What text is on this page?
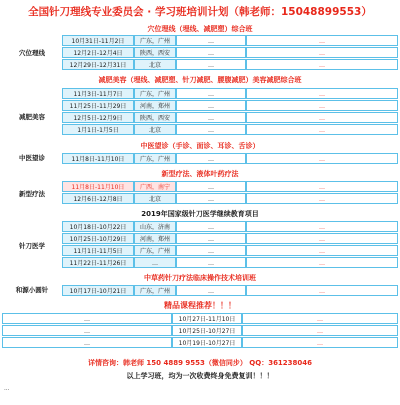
全国针刀理线专业委员会 · 学习班培训计划（韩老师：15048899553）
穴位理线（埋线、减肥塑）综合班
穴位理线
10月31日-11月2日	广东，广州	…	…
12月2日-12月4日	陕西，西安	…	…
12月29日-12月31日	北京	…	…
减肥美容（埋线、减肥塑、针刀减肥、腰腹减肥）美容减肥综合班
减肥美容
11月3日-11月7日	广东，广州	…	…
11月25日-11月29日	河南，郑州	…	…
12月5日-12月9日	陕西，西安	…	…
1月1日-1月5日	北京	…	…
中医望诊（手诊、面诊、耳诊、舌诊）
中医望诊	11月8日-11月10日	广东，广州	…	…
新型疗法、液体叶药疗法
新型疗法
11月8日-11月10日	广西，南宁	…	…
12月6日-12月8日	北京	…	…
2019年国家级针刀医学继续教育项目
针刀医学
10月18日-10月22日	山东，济南	…	…
10月25日-10月29日	河南，郑州	…	…
11月1日-11月5日	广东，广州	…	…
11月22日-11月26日	…	…	…
中草药针刀疗法临床操作技术培训班
和源小圆针	10月17日-10月21日	广东，广州	…	…
精品课程推荐！！！
…	10月27日-11月10日	…
…	10月25日-10月27日	…
…	10月19日-10月27日	…
详情咨询：韩老师 150 4889 9553（微信同步） QQ：361238046
以上学习班，均为一次收费终身免费复训！！！
…
